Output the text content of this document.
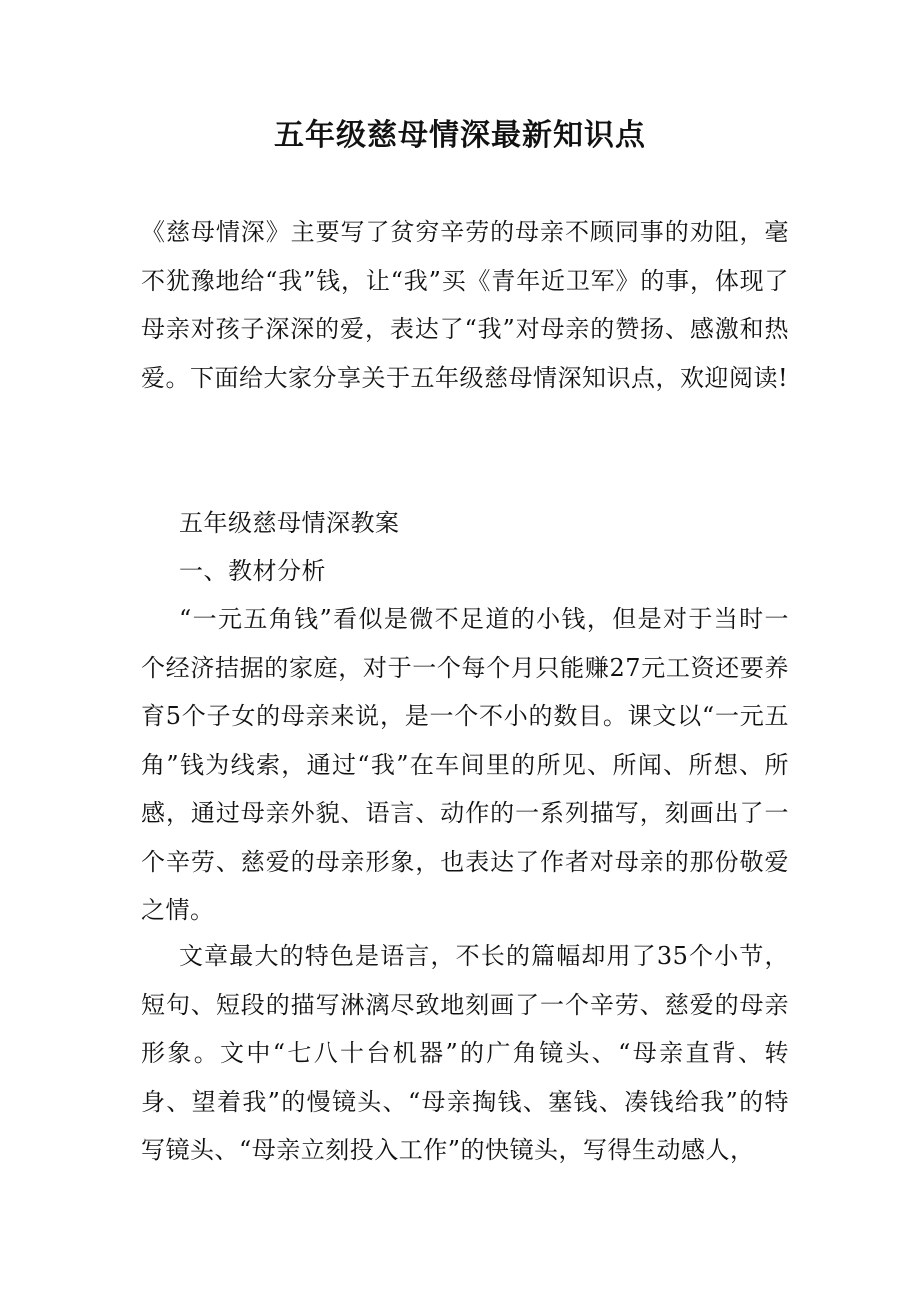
五年级慈母情深最新知识点

《慈母情深》主要写了贫穷辛劳的母亲不顾同事的劝阻，毫不犹豫地给“我”钱，让“我”买《青年近卫军》的事，体现了母亲对孩子深深的爱，表达了“我”对母亲的赞扬、感激和热爱。下面给大家分享关于五年级慈母情深知识点，欢迎阅读!

五年级慈母情深教案

一、教材分析

“一元五角钱”看似是微不足道的小钱，但是对于当时一个经济拮据的家庭，对于一个每个月只能赚27元工资还要养育5个子女的母亲来说，是一个不小的数目。课文以“一元五角”钱为线索，通过“我”在车间里的所见、所闻、所想、所感，通过母亲外貌、语言、动作的一系列描写，刻画出了一个辛劳、慈爱的母亲形象，也表达了作者对母亲的那份敬爱之情。

文章最大的特色是语言，不长的篇幅却用了35个小节，短句、短段的描写淋漓尽致地刻画了一个辛劳、慈爱的母亲形象。文中“七八十台机器”的广角镜头、“母亲直背、转身、望着我”的慢镜头、“母亲掏钱、塞钱、凑钱给我”的特写镜头、“母亲立刻投入工作”的快镜头，写得生动感人，
